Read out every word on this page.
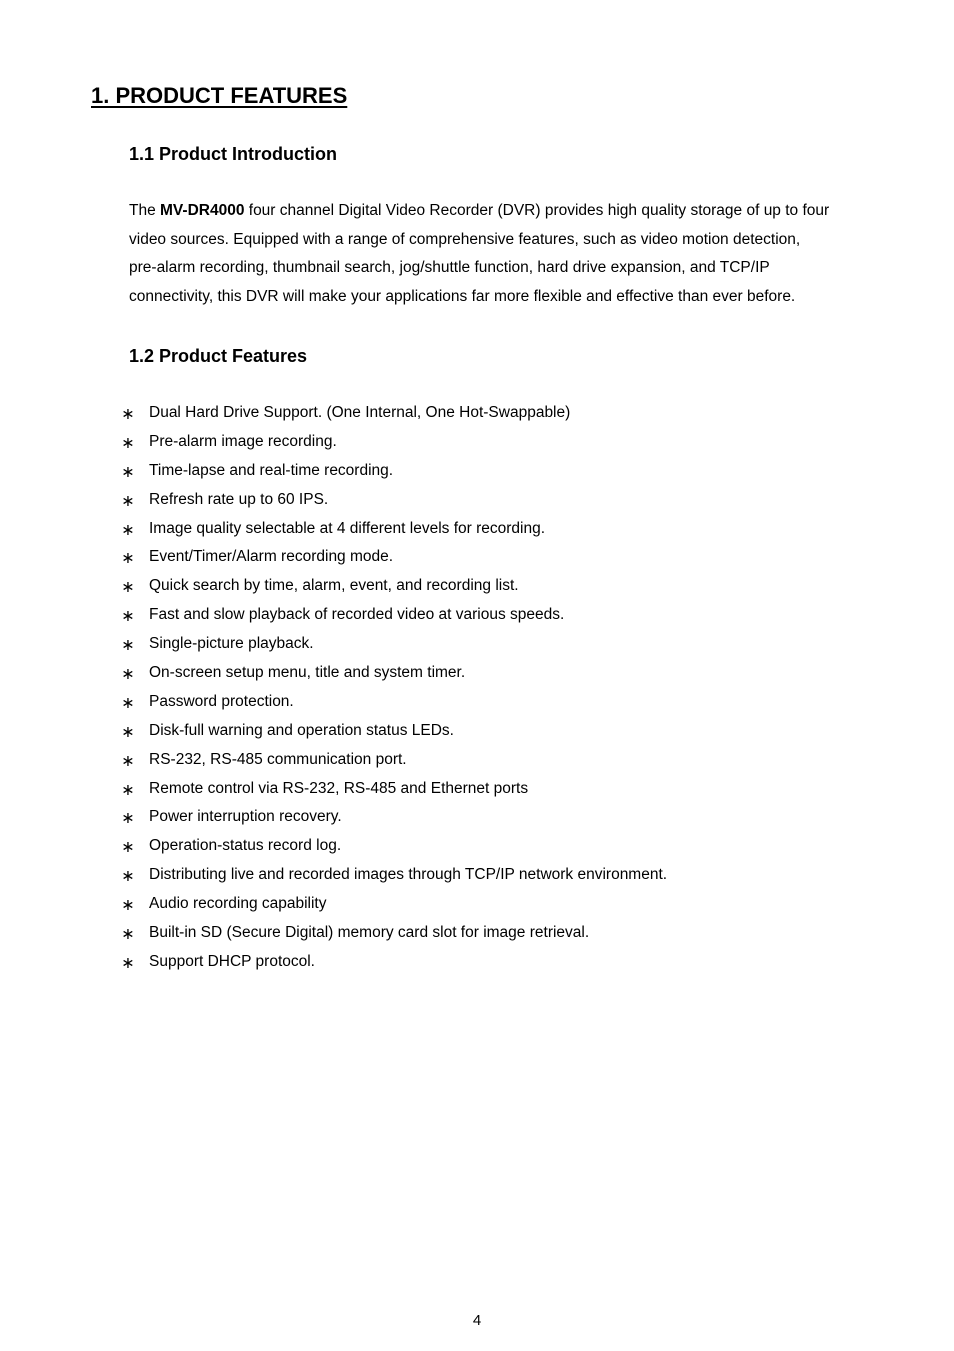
1. PRODUCT FEATURES
1.1 Product Introduction

The MV-DR4000 four channel Digital Video Recorder (DVR) provides high quality storage of up to four
video sources. Equipped with a range of comprehensive features, such as video motion detection,
pre-alarm recording, thumbnail search, jog/shuttle function, hard drive expansion, and TCP/IP
connectivity, this DVR will make your applications far more flexible and effective than ever before.

1.2 Product Features
∗ Dual Hard Drive Support. (One Internal, One Hot-Swappable)
∗ Pre-alarm image recording.
∗ Time-lapse and real-time recording.
∗ Refresh rate up to 60 IPS.
∗ Image quality selectable at 4 different levels for recording.
∗ Event/Timer/Alarm recording mode.
∗ Quick search by time, alarm, event, and recording list.
∗ Fast and slow playback of recorded video at various speeds.
∗ Single-picture playback.
∗ On-screen setup menu, title and system timer.
∗ Password protection.
∗ Disk-full warning and operation status LEDs.
∗ RS-232, RS-485 communication port.
∗ Remote control via RS-232, RS-485 and Ethernet ports
∗ Power interruption recovery.
∗ Operation-status record log.
∗ Distributing live and recorded images through TCP/IP network environment.
∗ Audio recording capability
∗ Built-in SD (Secure Digital) memory card slot for image retrieval.
∗ Support DHCP protocol.
4
